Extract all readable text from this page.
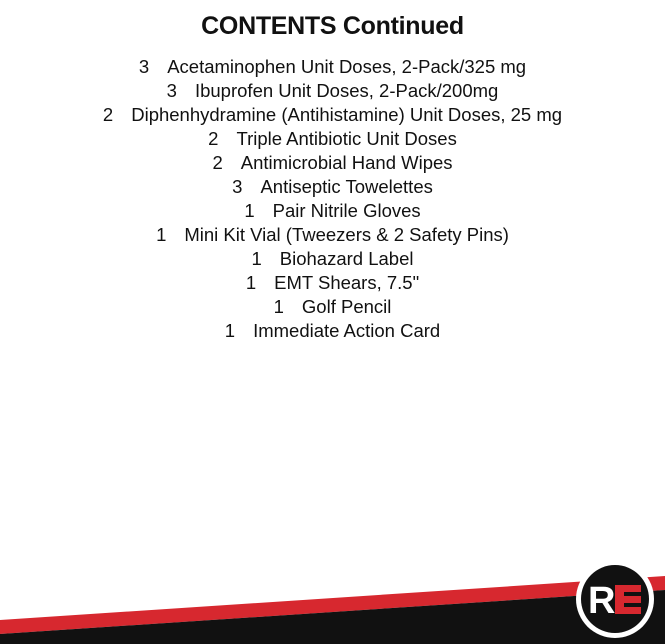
CONTENTS Continued
3 Acetaminophen Unit Doses, 2-Pack/325 mg
3 Ibuprofen Unit Doses, 2-Pack/200mg
2 Diphenhydramine (Antihistamine) Unit Doses, 25 mg
2 Triple Antibiotic Unit Doses
2 Antimicrobial Hand Wipes
3 Antiseptic Towelettes
1 Pair Nitrile Gloves
1 Mini Kit Vial (Tweezers & 2 Safety Pins)
1 Biohazard Label
1 EMT Shears, 7.5"
1 Golf Pencil
1 Immediate Action Card
R
